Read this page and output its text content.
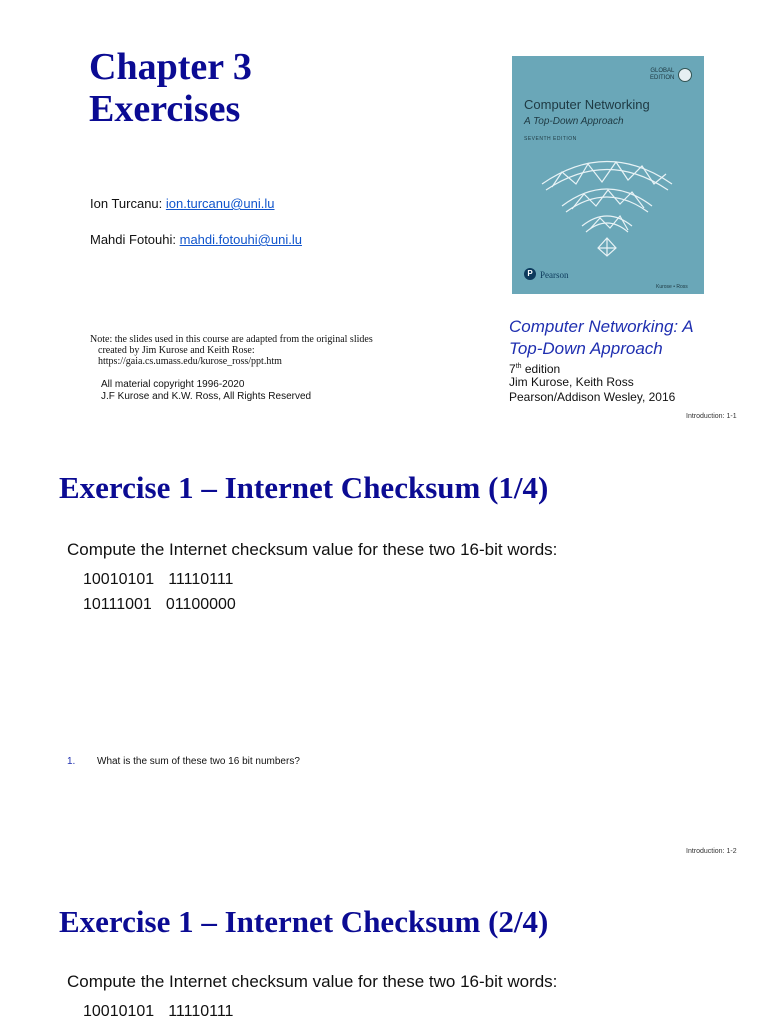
Chapter 3
Exercises
Ion Turcanu: ion.turcanu@uni.lu
Mahdi Fotouhi: mahdi.fotouhi@uni.lu
Note: the slides used in this course are adapted from the original slides
created by Jim Kurose and Keith Rose:
https://gaia.cs.umass.edu/kurose_ross/ppt.htm
All material copyright 1996-2020
J.F Kurose and K.W. Ross, All Rights Reserved
GLOBAL
EDITION
Computer Networking
A Top-Down Approach
SEVENTH EDITION
P Pearson
Kurose • Ross
Computer Networking: A
Top-Down Approach
7th edition
Jim Kurose, Keith Ross
Pearson/Addison Wesley, 2016
Introduction: 1-1
Exercise 1 – Internet Checksum (1/4)
Compute the Internet checksum value for these two 16-bit words:
10010101 11110111
10111001 01100000
1. What is the sum of these two 16 bit numbers?
Introduction: 1-2
Exercise 1 – Internet Checksum (2/4)
Compute the Internet checksum value for these two 16-bit words:
10010101 11110111
